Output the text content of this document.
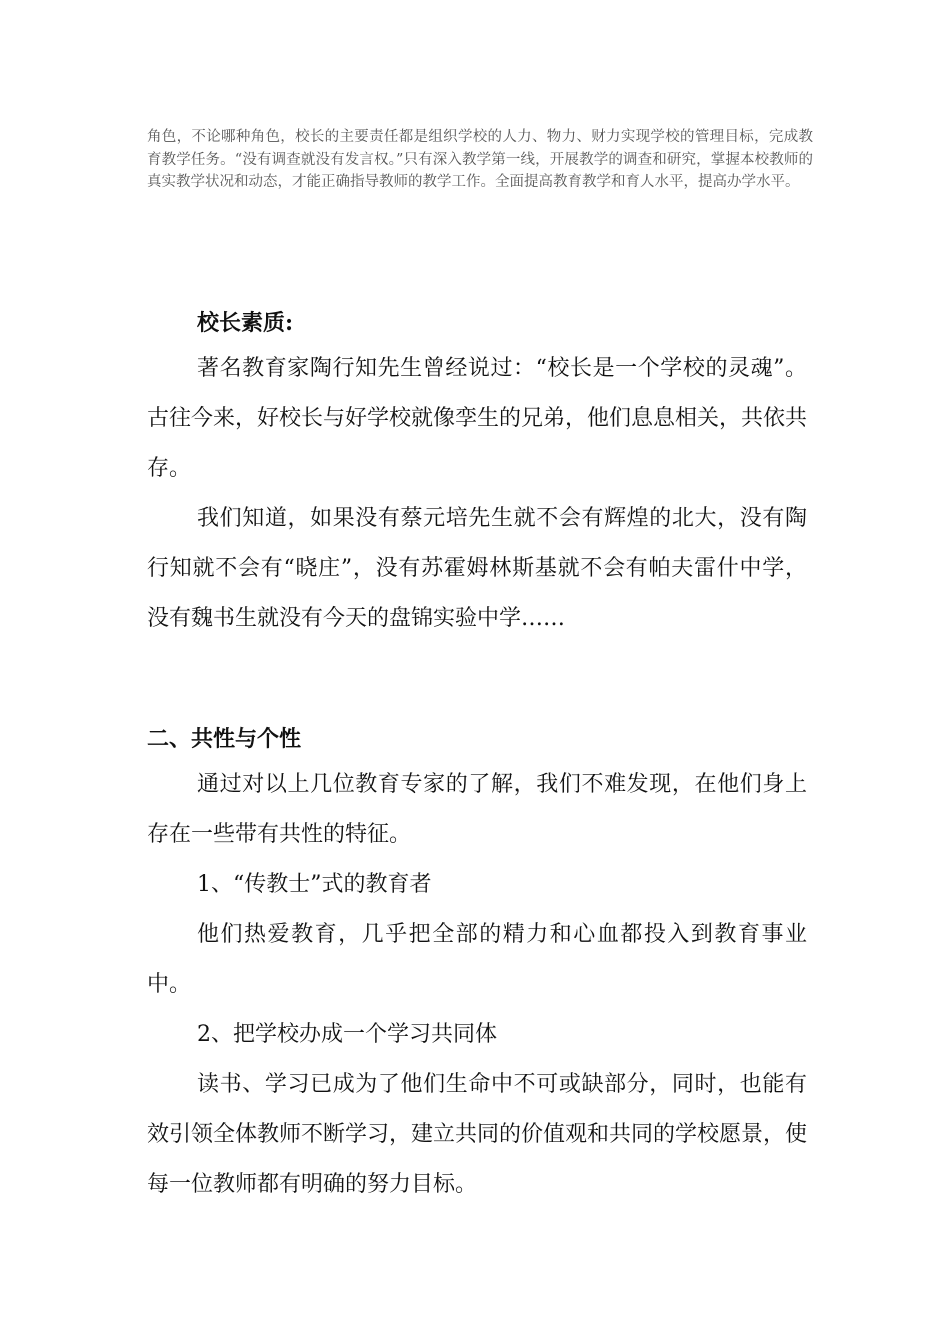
角色，不论哪种角色，校长的主要责任都是组织学校的人力、物力、财力实现学校的管理目标，完成教育教学任务。“没有调查就没有发言权。”只有深入教学第一线，开展教学的调查和研究，掌握本校教师的真实教学状况和动态，才能正确指导教师的教学工作。全面提高教育教学和育人水平，提高办学水平。

校长素质:

著名教育家陶行知先生曾经说过：“校长是一个学校的灵魂”。古往今来，好校长与好学校就像孪生的兄弟，他们息息相关，共依共存。

我们知道，如果没有蔡元培先生就不会有辉煌的北大，没有陶行知就不会有“晓庄”，没有苏霍姆林斯基就不会有帕夫雷什中学，没有魏书生就没有今天的盘锦实验中学……

二、共性与个性

通过对以上几位教育专家的了解，我们不难发现，在他们身上存在一些带有共性的特征。

1、“传教士”式的教育者

他们热爱教育，几乎把全部的精力和心血都投入到教育事业中。

2、把学校办成一个学习共同体

读书、学习已成为了他们生命中不可或缺部分，同时，也能有效引领全体教师不断学习，建立共同的价值观和共同的学校愿景，使每一位教师都有明确的努力目标。
